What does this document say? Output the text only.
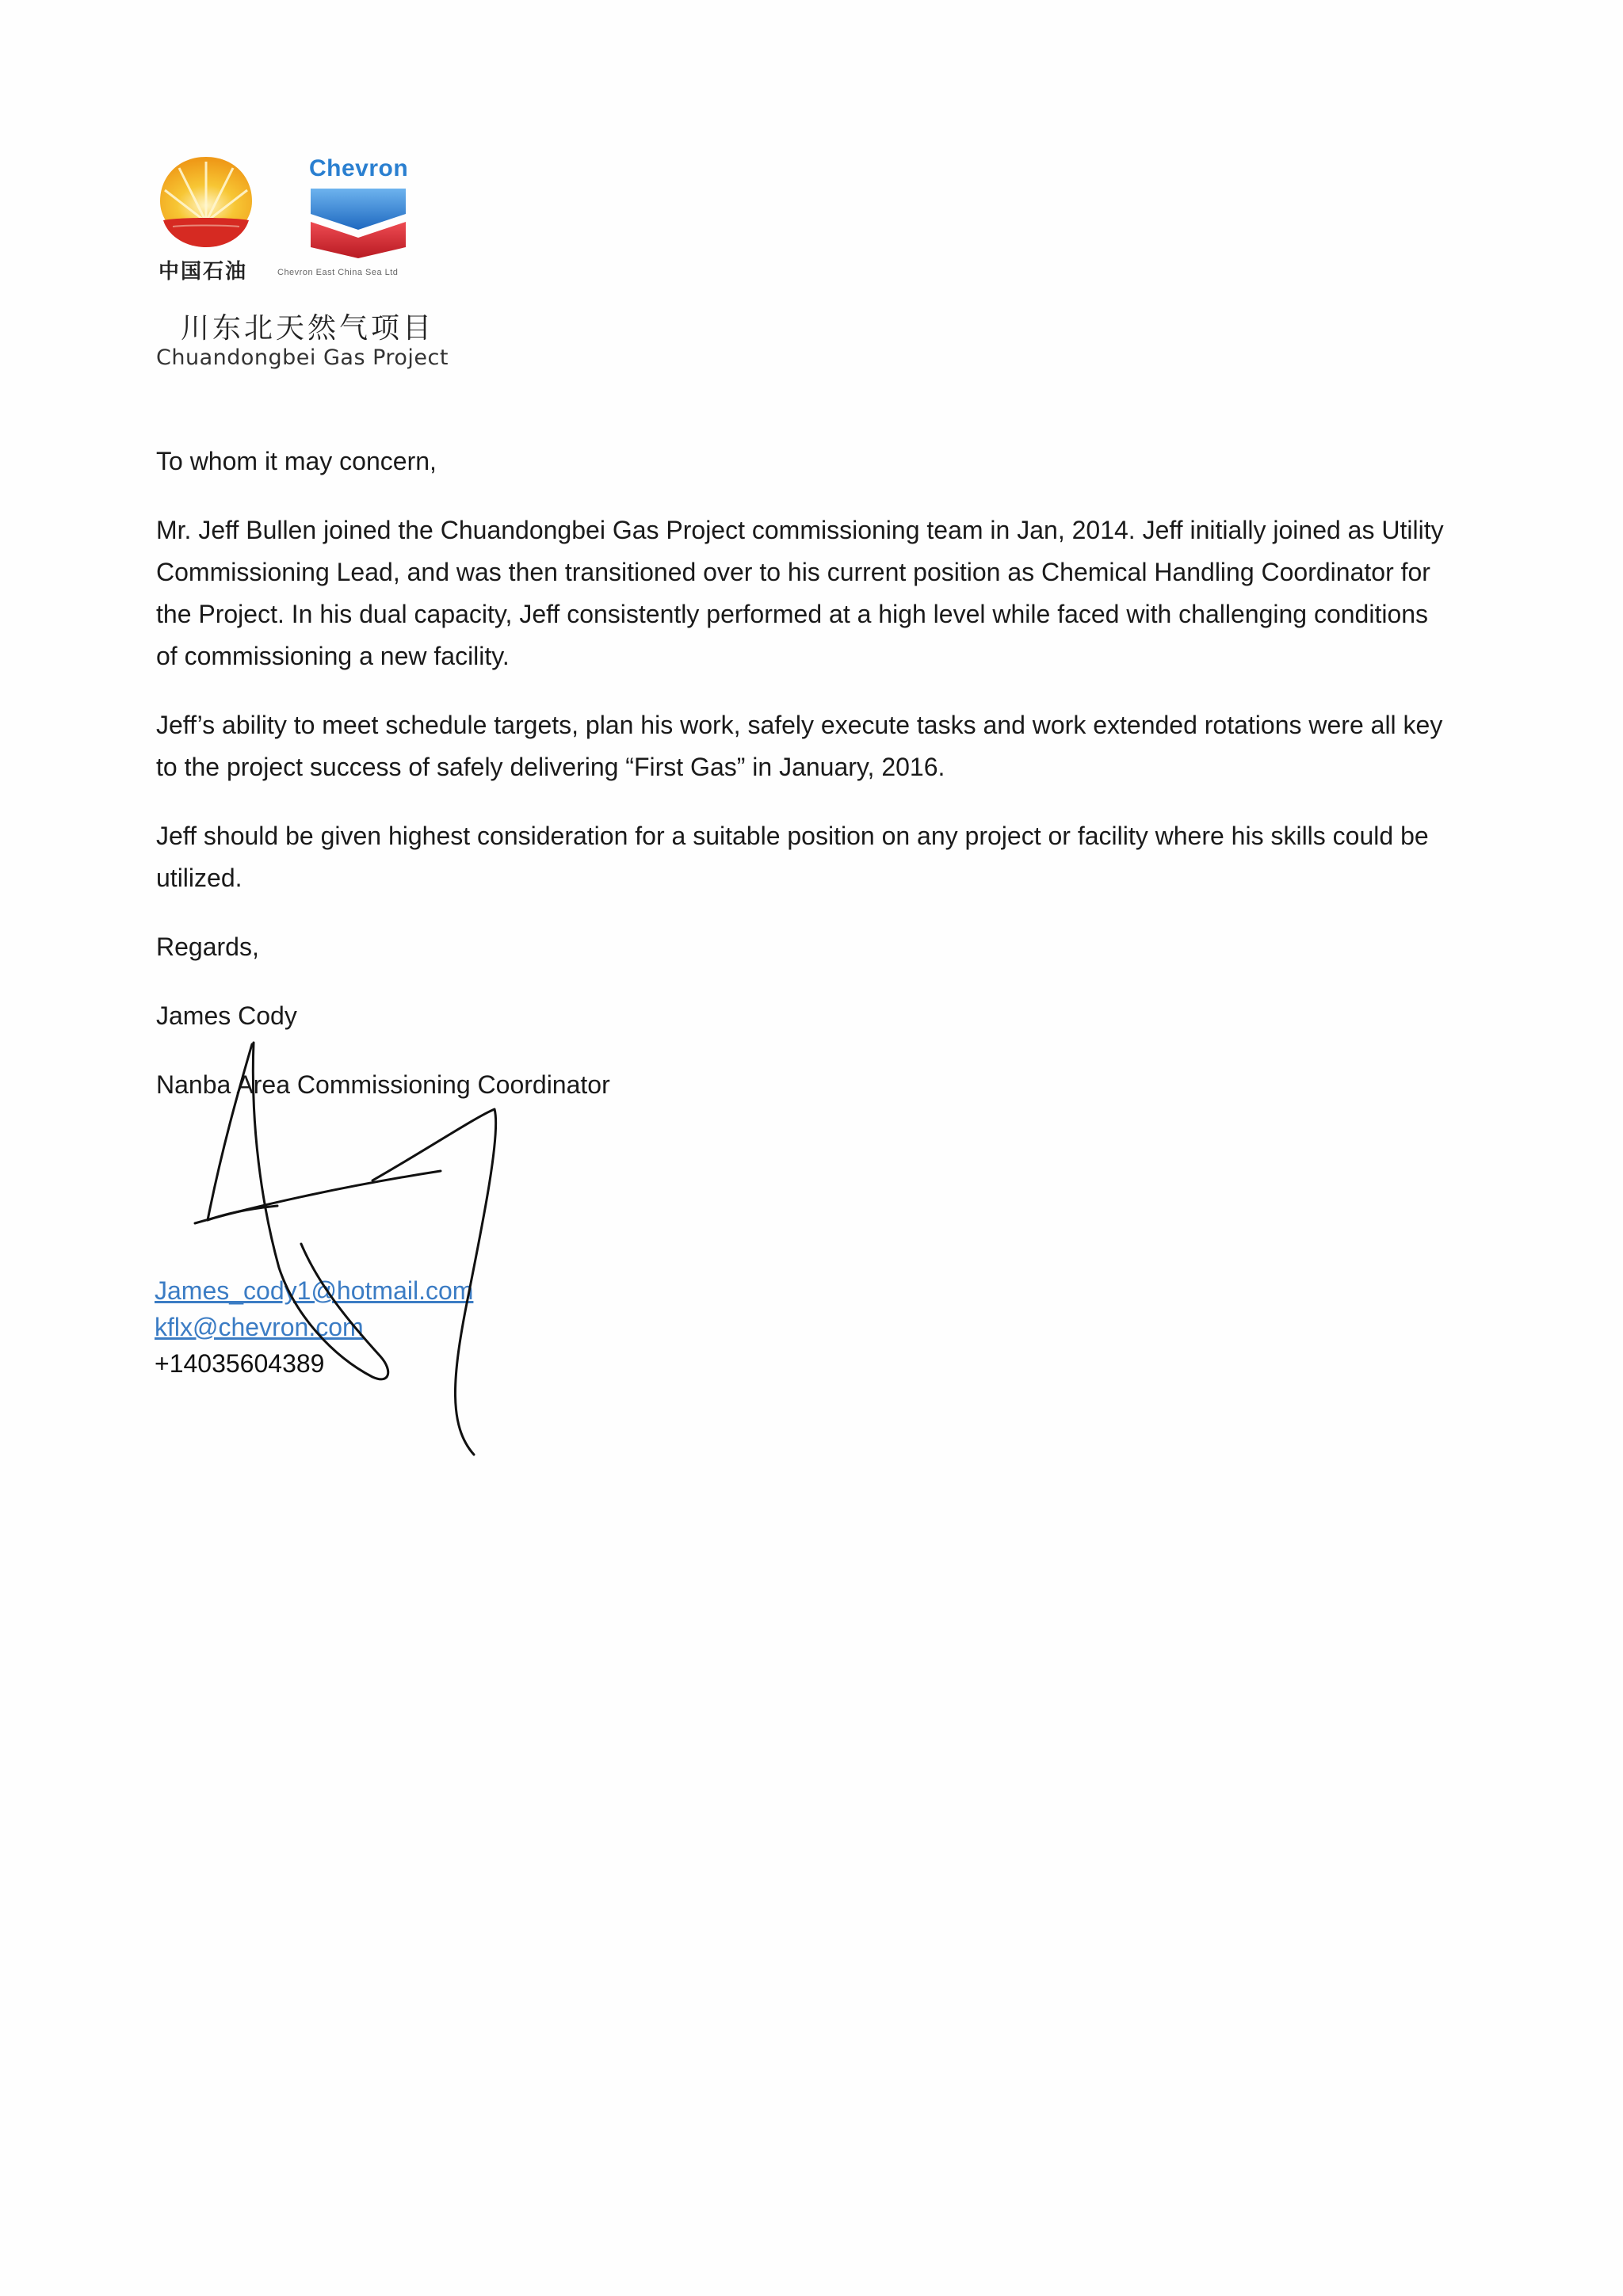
中国石油
Chevron
Chevron East China Sea Ltd
川东北天然气项目
Chuandongbei Gas Project

To whom it may concern,

Mr. Jeff Bullen joined the Chuandongbei Gas Project commissioning team in Jan, 2014. Jeff initially joined as Utility Commissioning Lead, and was then transitioned over to his current position as Chemical Handling Coordinator for the Project. In his dual capacity, Jeff consistently performed at a high level while faced with challenging conditions of commissioning a new facility.

Jeff’s ability to meet schedule targets, plan his work, safely execute tasks and work extended rotations were all key to the project success of safely delivering “First Gas” in January, 2016.

Jeff should be given highest consideration for a suitable position on any project or facility where his skills could be utilized.

Regards,

James Cody

Nanba Area Commissioning Coordinator

James_cody1@hotmail.com
kflx@chevron.com
+14035604389
